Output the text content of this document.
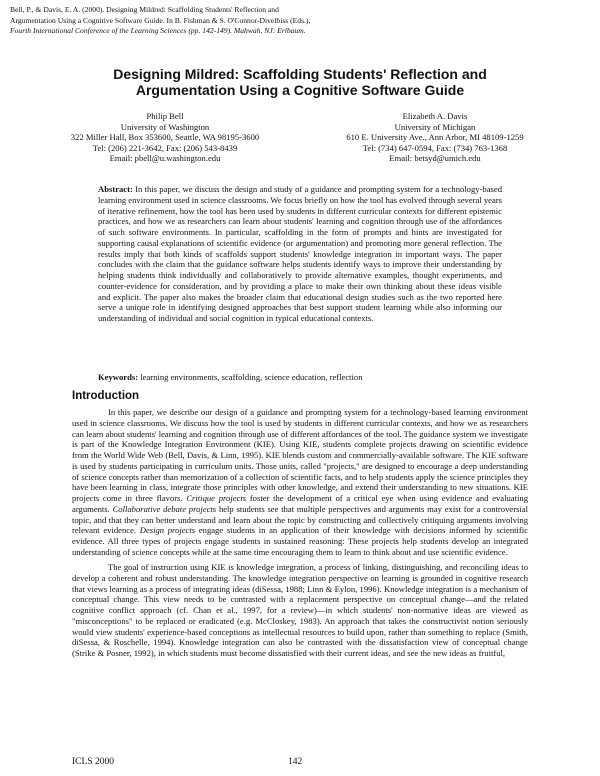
Bell, P., & Davis, E. A. (2000). Designing Mildred: Scaffolding Students' Reflection and
Argumentation Using a Cognitive Software Guide. In B. Fishman & S. O'Connor-Divelbiss (Eds.),
Fourth International Conference of the Learning Sciences (pp. 142-149). Mahwah, NJ: Erlbaum.
Designing Mildred: Scaffolding Students' Reflection and
Argumentation Using a Cognitive Software Guide
Philip Bell
University of Washington
322 Miller Hall, Box 353600, Seattle, WA 98195-3600
Tel: (206) 221-3642, Fax: (206) 543-8439
Email: pbell@u.washington.edu
Elizabeth A. Davis
University of Michigan
610 E. University Ave., Ann Arbor, MI 48109-1259
Tel: (734) 647-0594, Fax: (734) 763-1368
Email: betsyd@umich.edu
Abstract: In this paper, we discuss the design and study of a guidance and prompting system for a technology-based learning environment used in science classrooms. We focus briefly on how the tool has evolved through several years of iterative refinement, how the tool has been used by students in different curricular contexts for different epistemic practices, and how we as researchers can learn about students' learning and cognition through use of the affordances of such software environments. In particular, scaffolding in the form of prompts and hints are investigated for supporting causal explanations of scientific evidence (or argumentation) and promoting more general reflection. The results imply that both kinds of scaffolds support students' knowledge integration in important ways. The paper concludes with the claim that the guidance software helps students identify ways to improve their understanding by helping students think individually and collaboratively to provide alternative examples, thought experiments, and counter-evidence for consideration, and by providing a place to make their own thinking about these ideas visible and explicit. The paper also makes the broader claim that educational design studies such as the two reported here serve a unique role in identifying designed approaches that best support student learning while also informing our understanding of individual and social cognition in typical educational contexts.
Keywords: learning environments, scaffolding, science education, reflection
Introduction
In this paper, we describe our design of a guidance and prompting system for a technology-based learning environment used in science classrooms. We discuss how the tool is used by students in different curricular contexts, and how we as researchers can learn about students' learning and cognition through use of different affordances of the tool. The guidance system we investigate is part of the Knowledge Integration Environment (KIE). Using KIE, students complete projects drawing on scientific evidence from the World Wide Web (Bell, Davis, & Linn, 1995). KIE blends custom and commercially-available software. The KIE software is used by students participating in curriculum units. Those units, called "projects," are designed to encourage a deep understanding of science concepts rather than memorization of a collection of scientific facts, and to help students apply the science principles they have been learning in class, integrate those principles with other knowledge, and extend their understanding to new situations. KIE projects come in three flavors. Critique projects foster the development of a critical eye when using evidence and evaluating arguments. Collaborative debate projects help students see that multiple perspectives and arguments may exist for a controversial topic, and that they can better understand and learn about the topic by constructing and collectively critiquing arguments involving relevant evidence. Design projects engage students in an application of their knowledge with decisions informed by scientific evidence. All three types of projects engage students in sustained reasoning: These projects help students develop an integrated understanding of science concepts while at the same time encouraging them to learn to think about and use scientific evidence.
The goal of instruction using KIE is knowledge integration, a process of linking, distinguishing, and reconciling ideas to develop a coherent and robust understanding. The knowledge integration perspective on learning is grounded in cognitive research that views learning as a process of integrating ideas (diSessa, 1988; Linn & Eylon, 1996). Knowledge integration is a mechanism of conceptual change. This view needs to be contrasted with a replacement perspective on conceptual change—and the related cognitive conflict approach (cf. Chan et al., 1997, for a review)—in which students' non-normative ideas are viewed as "misconceptions" to be replaced or eradicated (e.g. McCloskey, 1983). An approach that takes the constructivist notion seriously would view students' experience-based conceptions as intellectual resources to build upon, rather than something to replace (Smith, diSessa, & Roschelle, 1994). Knowledge integration can also be contrasted with the dissatisfaction view of conceptual change (Strike & Posner, 1992), in which students must become dissatisfied with their current ideas, and see the new ideas as fruitful,
ICLS 2000	142
